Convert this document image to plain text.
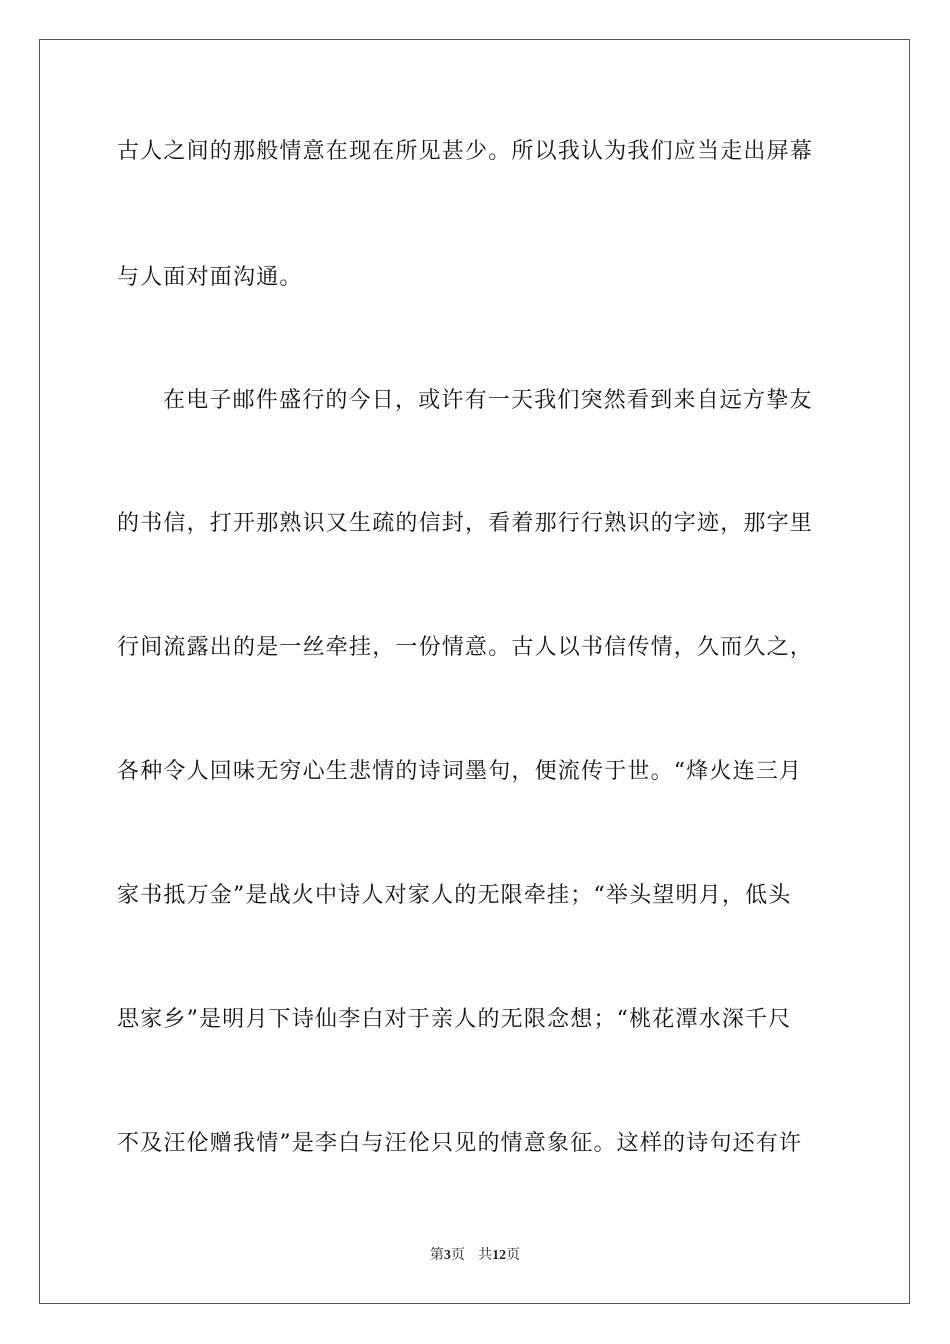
古人之间的那般情意在现在所见甚少。所以我认为我们应当走出屏幕
与人面对面沟通。
在电子邮件盛行的今日，或许有一天我们突然看到来自远方挚友
的书信，打开那熟识又生疏的信封，看着那行行熟识的字迹，那字里
行间流露出的是一丝牵挂，一份情意。古人以书信传情，久而久之，
各种令人回味无穷心生悲情的诗词墨句，便流传于世。“烽火连三月
家书抵万金”是战火中诗人对家人的无限牵挂；“举头望明月，低头
思家乡”是明月下诗仙李白对于亲人的无限念想；“桃花潭水深千尺
不及汪伦赠我情”是李白与汪伦只见的情意象征。这样的诗句还有许
第3页 共12页
